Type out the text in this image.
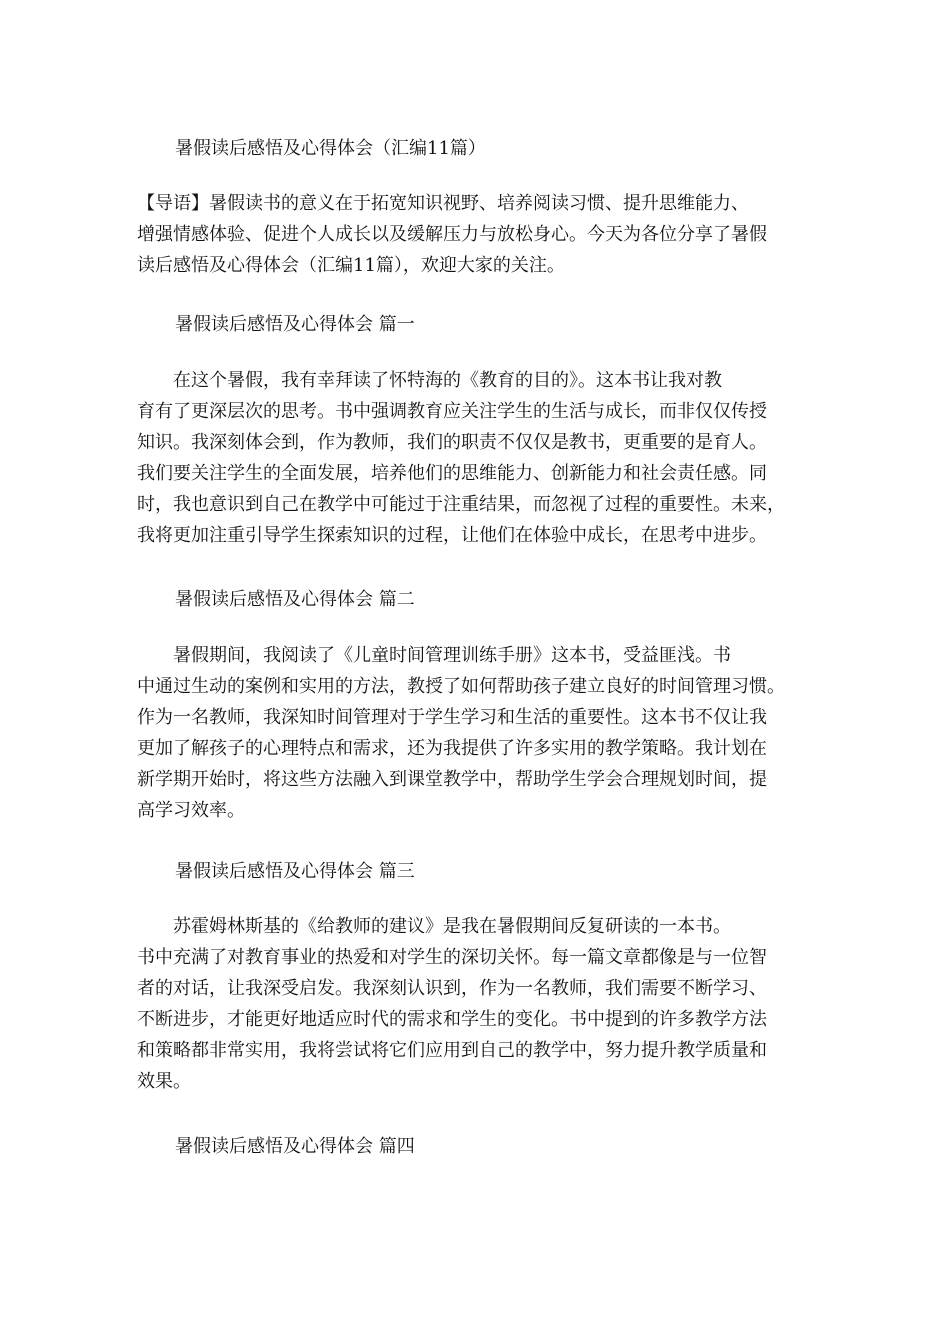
暑假读后感悟及心得体会（汇编11篇）
【导语】暑假读书的意义在于拓宽知识视野、培养阅读习惯、提升思维能力、
增强情感体验、促进个人成长以及缓解压力与放松身心。今天为各位分享了暑假
读后感悟及心得体会（汇编11篇），欢迎大家的关注。
暑假读后感悟及心得体会 篇一
　　在这个暑假，我有幸拜读了怀特海的《教育的目的》。这本书让我对教
育有了更深层次的思考。书中强调教育应关注学生的生活与成长，而非仅仅传授
知识。我深刻体会到，作为教师，我们的职责不仅仅是教书，更重要的是育人。
我们要关注学生的全面发展，培养他们的思维能力、创新能力和社会责任感。同
时，我也意识到自己在教学中可能过于注重结果，而忽视了过程的重要性。未来，
我将更加注重引导学生探索知识的过程，让他们在体验中成长，在思考中进步。
暑假读后感悟及心得体会 篇二
　　暑假期间，我阅读了《儿童时间管理训练手册》这本书，受益匪浅。书
中通过生动的案例和实用的方法，教授了如何帮助孩子建立良好的时间管理习惯。
作为一名教师，我深知时间管理对于学生学习和生活的重要性。这本书不仅让我
更加了解孩子的心理特点和需求，还为我提供了许多实用的教学策略。我计划在
新学期开始时，将这些方法融入到课堂教学中，帮助学生学会合理规划时间，提
高学习效率。
暑假读后感悟及心得体会 篇三
　　苏霍姆林斯基的《给教师的建议》是我在暑假期间反复研读的一本书。
书中充满了对教育事业的热爱和对学生的深切关怀。每一篇文章都像是与一位智
者的对话，让我深受启发。我深刻认识到，作为一名教师，我们需要不断学习、
不断进步，才能更好地适应时代的需求和学生的变化。书中提到的许多教学方法
和策略都非常实用，我将尝试将它们应用到自己的教学中，努力提升教学质量和
效果。
暑假读后感悟及心得体会 篇四
